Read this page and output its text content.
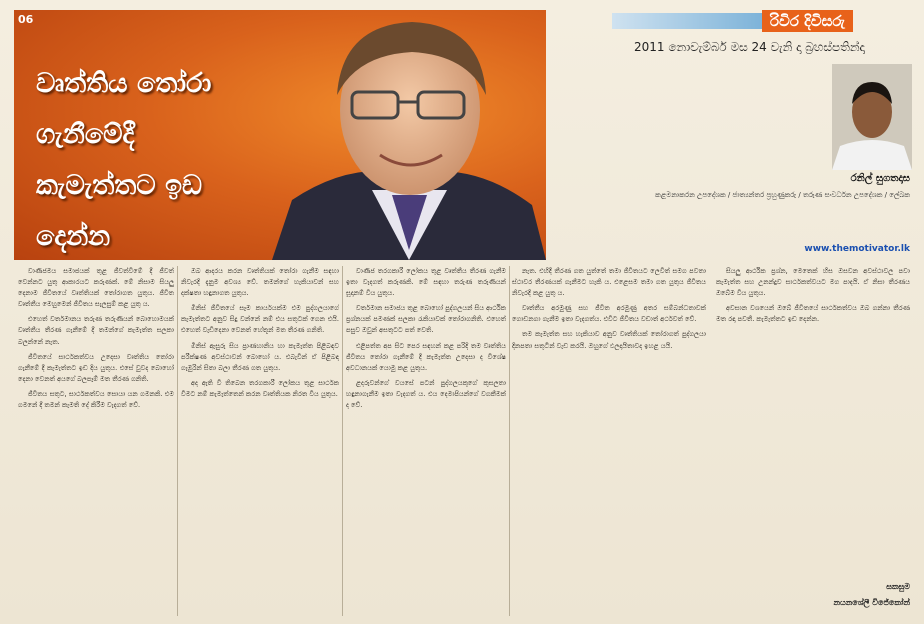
06
වෘත්තිය තෝරා ගැනීමේදී කැමැත්තට ඉඩ දෙන්න
රිවිර දිවිසරු
2011 නොවැම්බර් මස 24 වැනි දා බ්‍රහස්පතින්දා
රනිල් සුගතදාස
කළමනාකරන උපදේශක / ජාත්‍යන්තර ප්‍රහුණුකරු / තරුණ සංවර්ධන උපදේශක / ලේඛක
www.themotivator.lk

වාණිජමය සමාජයක් තුළ ජීවත්වීමේ දී ජීවත් වෙන්නට යුතු ආකාරයට කරුණක්. මේ නිසාම සියලු දෙනාම ජීවිතයේ වෘත්තියක් තෝරාගත යුතුය. ජීවිත වෘත්තීය මෙහුමෙන් ජීවිතය සැලසුම් කළ යුතු ය.

එහෙත් වර්තමානය තරුණ තරුණියන් බොහොමයක් වෘත්තීය තීරණ ගැනීමේ දී තමන්ගේ කැමැත්ත සලකා බලන්නේ නැත.

ජීවිතයේ සාර්ථකත්වය උදෙසා වෘත්තිය තෝරා ගැනීමේ දී කැමැත්තට ඉඩ දිය යුතුය. එසේ වුවද බොහෝ දෙනා වෙනත් අයගේ බලපෑම් මත තීරණ ගනිති.

ජීවිතය සතුට, සාර්ථකත්වය සොයා යන ගමනකි. එම ගමනේ දී තමන් කැමති දේ කිරීම වැදගත් වේ.

ඔබ ආදරය කරන වෘත්තියක් තෝරා ගැනීම සඳහා නිවැරදි දැනුම අවශ්‍ය වේ. තමන්ගේ හැකියාවන් සහ දක්ෂතා හඳුනාගත යුතුය.

මිනිස් ජීවිතයේ සෑම කාර්යයක්ම එම පුද්ගලයාගේ කැමැත්තට අනුව සිදු වන්නේ නම් එය සතුටක් ගෙන එයි. එහෙත් වැඩිදෙනා වෙනත් හේතූන් මත තීරණ ගනිති.

මිනිස් ඇසුරු සිය ප්‍රාණහානිය හා කැමැත්ත පිළිබඳව පරීක්ෂණ අවස්ථාවන් බොහෝ ය. එබැවින් ඒ පිළිබඳ ගැඹුරින් සිතා බලා තීරණ ගත යුතුය.

අද ඇති වී තිබෙන තරගකාරී ලෝකය තුළ සාර්ථක වීමට නම් කැමැත්තෙන් කරන වෘත්තියක නිරත විය යුතුය.

වාණිජ තරගකාරී ලෝකය තුළ වෘත්තීය තීරණ ගැනීම ඉතා වැදගත් කරුණකි. මේ සඳහා තරුණ තරුණියන් සූදානම් විය යුතුය.

වර්තමාන සමාජය තුළ බොහෝ පුද්ගලයන් සිය ආර්ථික ප්‍රශ්නයක් පමණක් සලකා රැකියාවක් තෝරාගනිති. එහෙත් පසුව ඔවුන් අසතුටට පත් වෙති.

එළිපත්ත අප සිට පෙර සඳහන් කළ පරිදි තම වෘත්තිය ජීවිතය තෝරා ගැනීමේ දී කැමැත්ත උදෙසා ද විශේෂ අවධානයක් යොමු කළ යුතුය.

ළදරුවන්ගේ වයසේ පටන් පුද්ගලයකුගේ කුසලතා හඳුනාගැනීම ඉතා වැදගත් ය. එය දෙමාපියන්ගේ වගකීමක් ද වේ.

නැත. එහිදී තීරණ ගත යුත්තේ තමා ජීවිතයට ලෙවිත් සමග පවතා ස්ථාවර තීරණයක් ගැනීමට හැකි ය. එළෙසම තමා ගත යුතුය ජීවිතය නිවැරදි කළ යුතු ය.

වෘත්තීය අරමුණු සහ ජීවිත අරමුණු අතර සම්බන්ධතාවක් ගොඩනගා ගැනීම ඉතා වැදගත්ය. එවිට ජීවිතය වඩාත් අර්ථවත් වේ.

තම කැමැත්ත සහ හැකියාව අනුව වෘත්තියක් තෝරාගත් පුද්ගලයා දිනපතා සතුටින් වැඩ කරයි. ඔහුගේ ඵලදායිතාවද ඉහළ යයි.

සියලු ආර්ථික ප්‍රශ්න, මෙතෙක් හිස ඔසවන අවස්ථාවල පවා කැමැත්ත සහ උනන්දුව සාර්ථකත්වයට මග පාදයි. ඒ නිසා තීරණය ඔබේම විය යුතුය.

අවසාන වශයෙන් ඔබේ ජීවිතයේ සාර්ථකත්වය ඔබ ගන්නා තීරණ මත රඳා පවතී. කැමැත්තට ඉඩ දෙන්න.

සකසුම
නයනශේලී විජේකෝන්
